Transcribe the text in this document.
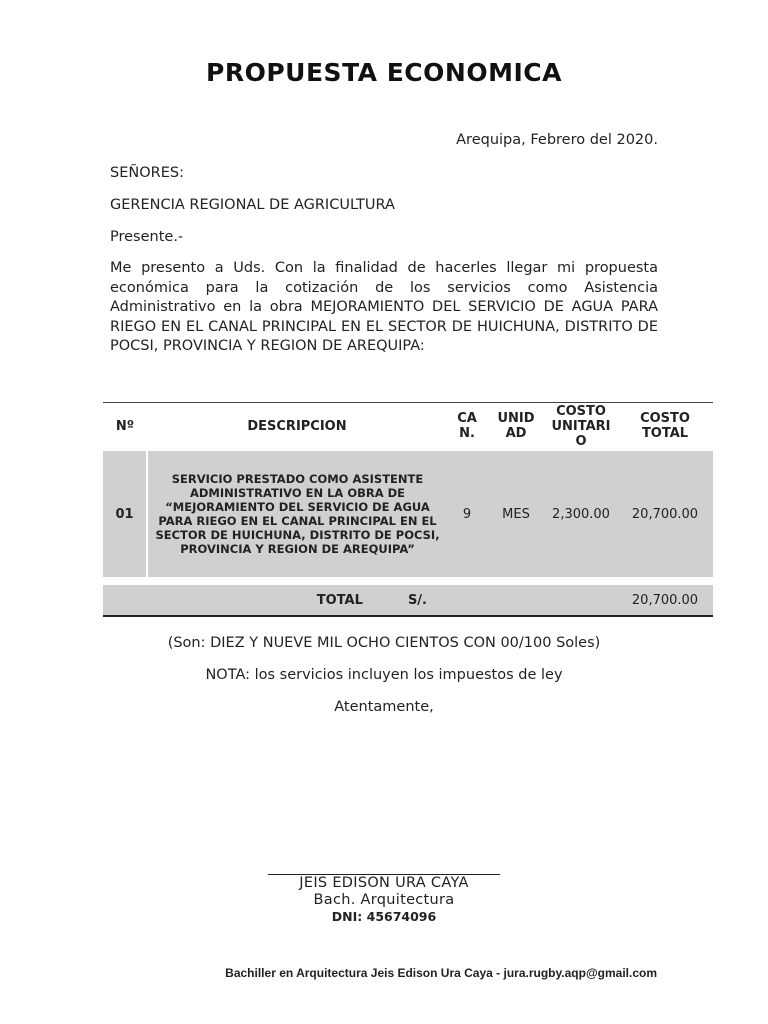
PROPUESTA ECONOMICA
Arequipa, Febrero del 2020.
SEÑORES:
GERENCIA REGIONAL DE AGRICULTURA
Presente.-
Me presento a Uds. Con la finalidad de hacerles llegar mi propuesta económica para la cotización de los servicios como Asistencia Administrativo en la obra MEJORAMIENTO DEL SERVICIO DE AGUA PARA RIEGO EN EL CANAL PRINCIPAL EN EL SECTOR DE HUICHUNA, DISTRITO DE POCSI, PROVINCIA Y REGION DE AREQUIPA:
Nº	DESCRIPCION	CA N.	UNID AD	COSTO UNITARI O	COSTO TOTAL
01	SERVICIO PRESTADO COMO ASISTENTE ADMINISTRATIVO EN LA OBRA DE “MEJORAMIENTO DEL SERVICIO DE AGUA PARA RIEGO EN EL CANAL PRINCIPAL EN EL SECTOR DE HUICHUNA, DISTRITO DE POCSI, PROVINCIA Y REGION DE AREQUIPA”	9	MES	2,300.00	20,700.00

	TOTAL S/.				20,700.00
(Son: DIEZ Y NUEVE MIL OCHO CIENTOS CON 00/100 Soles)
NOTA: los servicios incluyen los impuestos de ley
Atentamente,
JEIS EDISON URA CAYA
Bach. Arquitectura
DNI: 45674096
Bachiller en Arquitectura Jeis Edison Ura Caya - jura.rugby.aqp@gmail.com
